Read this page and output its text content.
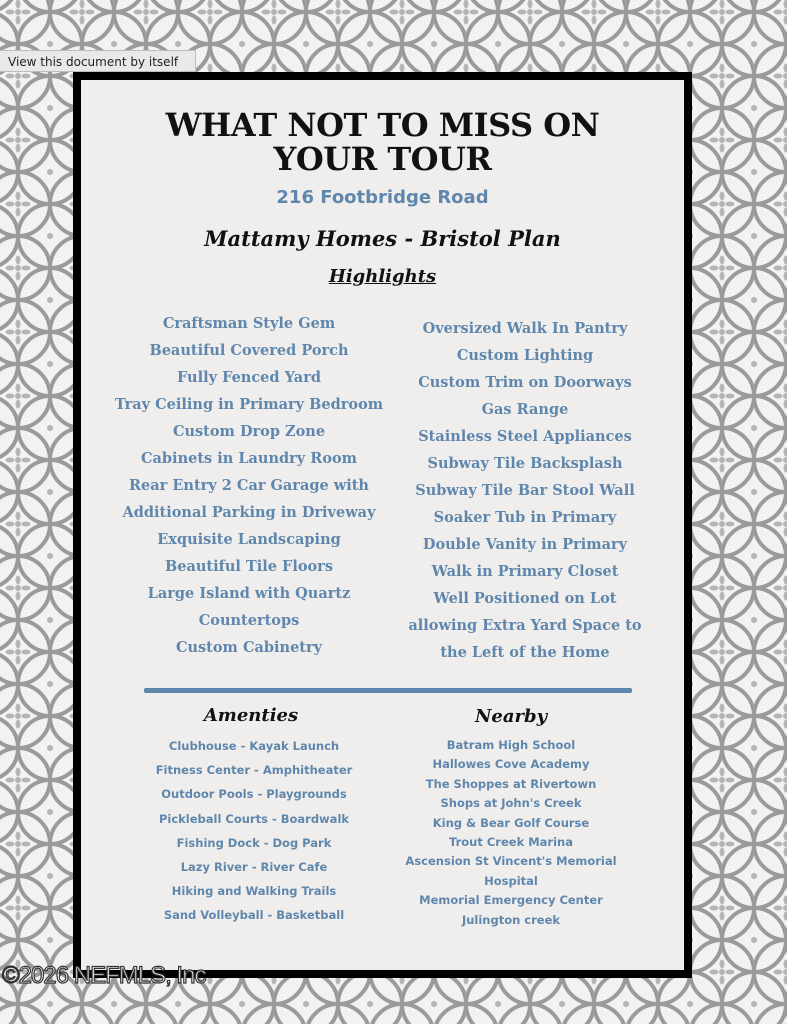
View this document by itself
WHAT NOT TO MISS ON
YOUR TOUR
216 Footbridge Road
Mattamy Homes - Bristol Plan
Highlights
Craftsman Style Gem
Beautiful Covered Porch
Fully Fenced Yard
Tray Ceiling in Primary Bedroom
Custom Drop Zone
Cabinets in Laundry Room
Rear Entry 2 Car Garage with
Additional Parking in Driveway
Exquisite Landscaping
Beautiful Tile Floors
Large Island with Quartz
Countertops
Custom Cabinetry
Oversized Walk In Pantry
Custom Lighting
Custom Trim on Doorways
Gas Range
Stainless Steel Appliances
Subway Tile Backsplash
Subway Tile Bar Stool Wall
Soaker Tub in Primary
Double Vanity in Primary
Walk in Primary Closet
Well Positioned on Lot
allowing Extra Yard Space to
the Left of the Home
Amenties	Nearby
Clubhouse - Kayak Launch
Fitness Center - Amphitheater
Outdoor Pools - Playgrounds
Pickleball Courts - Boardwalk
Fishing Dock - Dog Park
Lazy River - River Cafe
Hiking and Walking Trails
Sand Volleyball - Basketball
Batram High School
Hallowes Cove Academy
The Shoppes at Rivertown
Shops at John's Creek
King & Bear Golf Course
Trout Creek Marina
Ascension St Vincent's Memorial
Hospital
Memorial Emergency Center
Julington creek
©2026 NEFMLS, Inc
